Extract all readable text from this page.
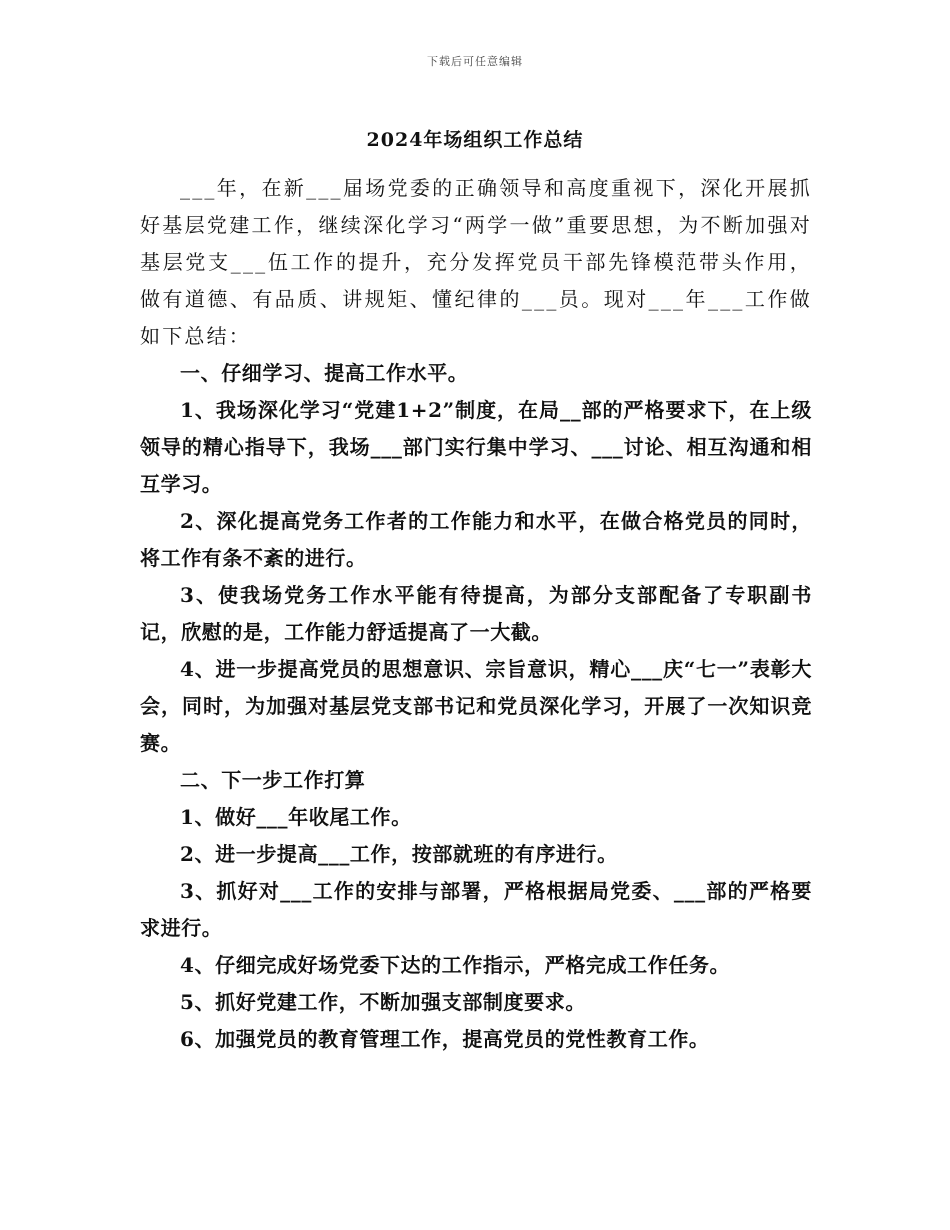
下载后可任意编辑
2024年场组织工作总结

___年，在新___届场党委的正确领导和高度重视下，深化开展抓好基层党建工作，继续深化学习“两学一做”重要思想，为不断加强对基层党支___伍工作的提升，充分发挥党员干部先锋模范带头作用，做有道德、有品质、讲规矩、懂纪律的___员。现对___年___工作做如下总结：

一、仔细学习、提高工作水平。

1、我场深化学习“党建1+2”制度，在局__部的严格要求下，在上级领导的精心指导下，我场___部门实行集中学习、___讨论、相互沟通和相互学习。

2、深化提高党务工作者的工作能力和水平，在做合格党员的同时，将工作有条不紊的进行。

3、使我场党务工作水平能有待提高，为部分支部配备了专职副书记，欣慰的是，工作能力舒适提高了一大截。

4、进一步提高党员的思想意识、宗旨意识，精心___庆“七一”表彰大会，同时，为加强对基层党支部书记和党员深化学习，开展了一次知识竞赛。

二、下一步工作打算

1、做好___年收尾工作。

2、进一步提高___工作，按部就班的有序进行。

3、抓好对___工作的安排与部署，严格根据局党委、___部的严格要求进行。

4、仔细完成好场党委下达的工作指示，严格完成工作任务。

5、抓好党建工作，不断加强支部制度要求。

6、加强党员的教育管理工作，提高党员的党性教育工作。
